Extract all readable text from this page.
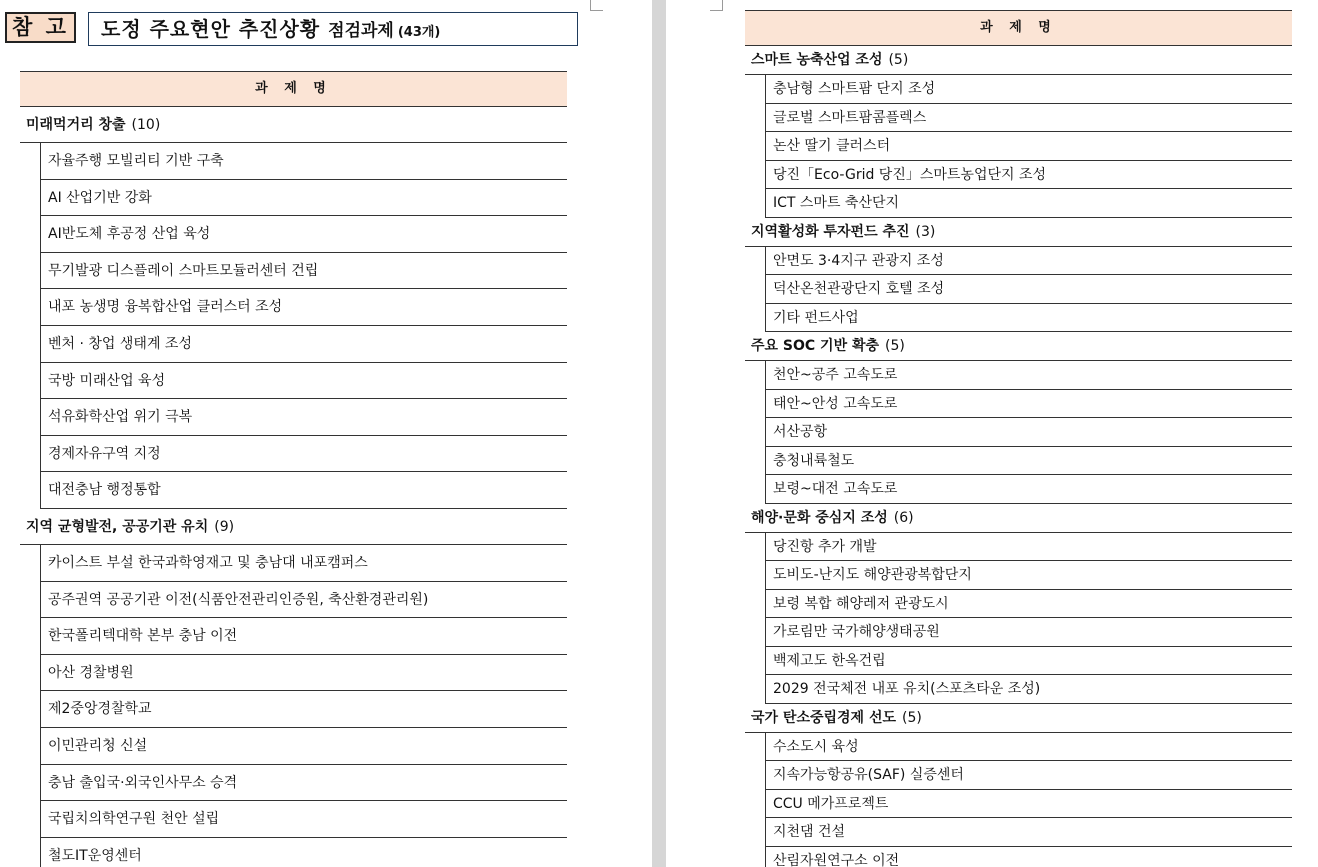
참 고	도정 주요현안 추진상황 점검과제 (43개)
과 제 명
미래먹거리 창출 (10)
자율주행 모빌리티 기반 구축
AI 산업기반 강화
AI반도체 후공정 산업 육성
무기발광 디스플레이 스마트모듈러센터 건립
내포 농생명 융복합산업 클러스터 조성
벤처 · 창업 생태계 조성
국방 미래산업 육성
석유화학산업 위기 극복
경제자유구역 지정
대전충남 행정통합
지역 균형발전, 공공기관 유치 (9)
카이스트 부설 한국과학영재고 및 충남대 내포캠퍼스
공주권역 공공기관 이전(식품안전관리인증원, 축산환경관리원)
한국폴리텍대학 본부 충남 이전
아산 경찰병원
제2중앙경찰학교
이민관리청 신설
충남 출입국·외국인사무소 승격
국립치의학연구원 천안 설립
철도IT운영센터
과 제 명
스마트 농축산업 조성 (5)
충남형 스마트팜 단지 조성
글로벌 스마트팜콤플렉스
논산 딸기 클러스터
당진「Eco-Grid 당진」스마트농업단지 조성
ICT 스마트 축산단지
지역활성화 투자펀드 추진 (3)
안면도 3·4지구 관광지 조성
덕산온천관광단지 호텔 조성
기타 펀드사업
주요 SOC 기반 확충 (5)
천안~공주 고속도로
태안~안성 고속도로
서산공항
충청내륙철도
보령~대전 고속도로
해양·문화 중심지 조성 (6)
당진항 추가 개발
도비도-난지도 해양관광복합단지
보령 복합 해양레저 관광도시
가로림만 국가해양생태공원
백제고도 한옥건립
2029 전국체전 내포 유치(스포츠타운 조성)
국가 탄소중립경제 선도 (5)
수소도시 육성
지속가능항공유(SAF) 실증센터
CCU 메가프로젝트
지천댐 건설
산림자원연구소 이전
